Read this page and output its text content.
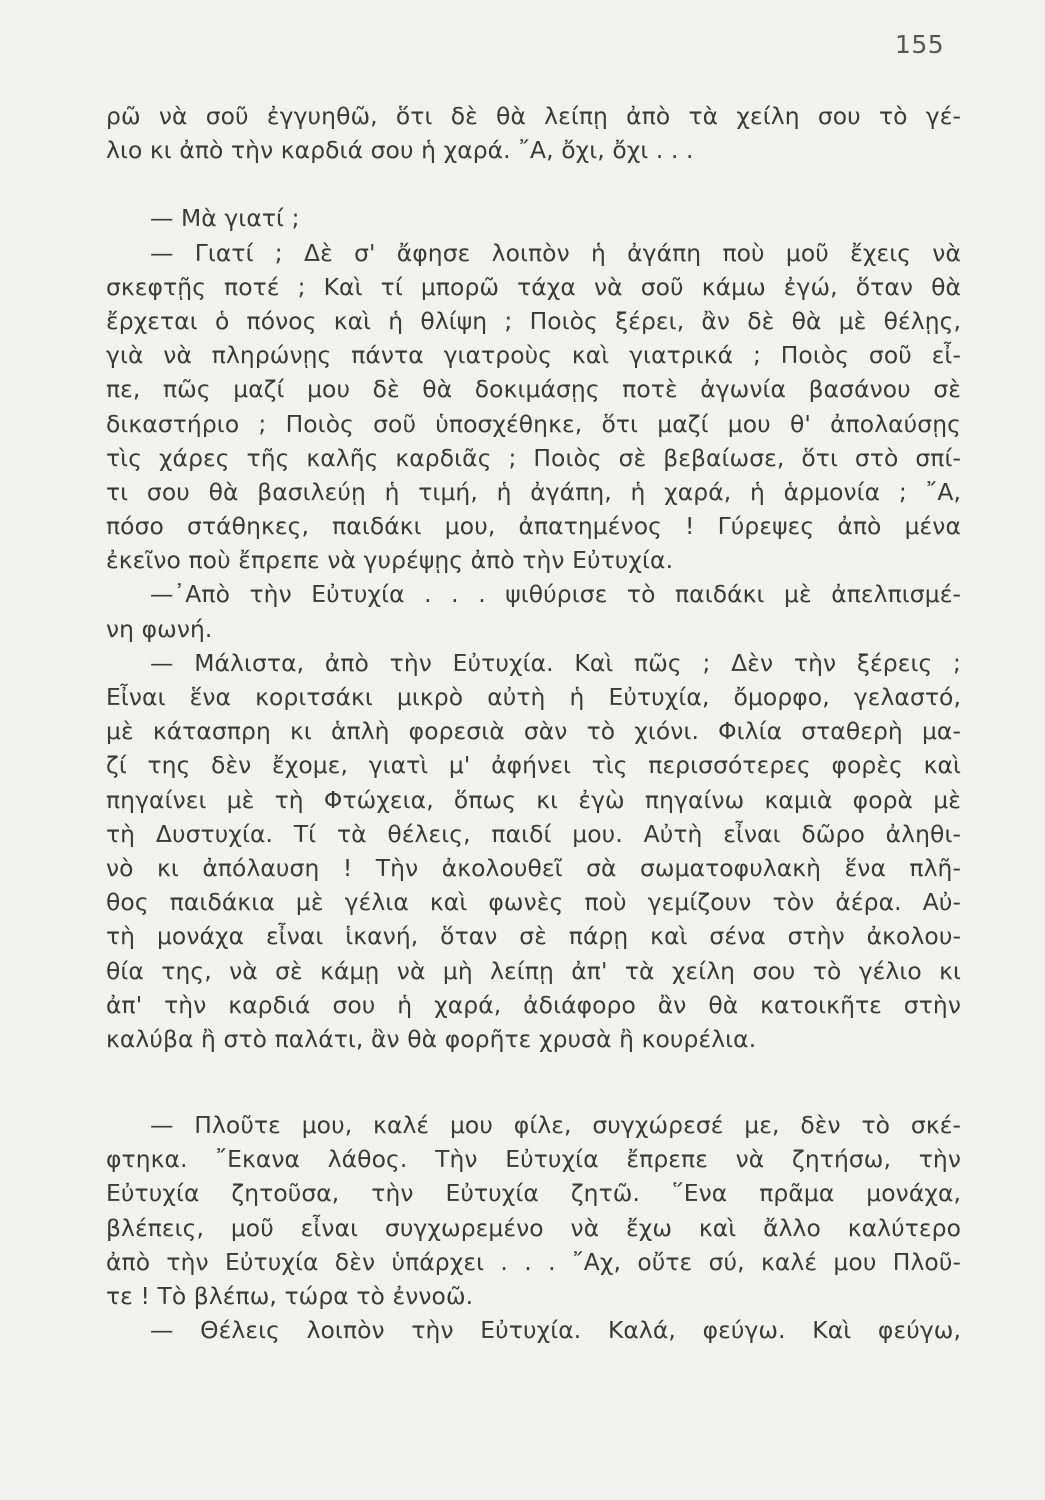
155
ρῶ νὰ σοῦ ἐγγυηθῶ, ὅτι δὲ θὰ λείπῃ ἀπὸ τὰ χείλη σου τὸ γέ-
λιο κι ἀπὸ τὴν καρδιά σου ἡ χαρά. ῎Α, ὄχι, ὄχι . . .
— Μὰ γιατί ;
— Γιατί ; Δὲ σ' ἄφησε λοιπὸν ἡ ἀγάπη ποὺ μοῦ ἔχεις νὰ
σκεφτῇς ποτέ ; Καὶ τί μπορῶ τάχα νὰ σοῦ κάμω ἐγώ, ὅταν θὰ
ἔρχεται ὁ πόνος καὶ ἡ θλίψη ; Ποιὸς ξέρει, ἂν δὲ θὰ μὲ θέλῃς,
γιὰ νὰ πληρώνῃς πάντα γιατροὺς καὶ γιατρικά ; Ποιὸς σοῦ εἶ-
πε, πῶς μαζί μου δὲ θὰ δοκιμάσῃς ποτὲ ἀγωνία βασάνου σὲ
δικαστήριο ; Ποιὸς σοῦ ὑποσχέθηκε, ὅτι μαζί μου θ' ἀπολαύσῃς
τὶς χάρες τῆς καλῆς καρδιᾶς ; Ποιὸς σὲ βεβαίωσε, ὅτι στὸ σπί-
τι σου θὰ βασιλεύῃ ἡ τιμή, ἡ ἀγάπη, ἡ χαρά, ἡ ἁρμονία ; ῎Α,
πόσο στάθηκες, παιδάκι μου, ἀπατημένος ! Γύρεψες ἀπὸ μένα
ἐκεῖνο ποὺ ἔπρεπε νὰ γυρέψῃς ἀπὸ τὴν Εὐτυχία.
—᾿Απὸ τὴν Εὐτυχία . . . ψιθύρισε τὸ παιδάκι μὲ ἀπελπισμέ-
νη φωνή.
— Μάλιστα, ἀπὸ τὴν Εὐτυχία. Καὶ πῶς ; Δὲν τὴν ξέρεις ;
Εἶναι ἕνα κοριτσάκι μικρὸ αὐτὴ ἡ Εὐτυχία, ὄμορφο, γελαστό,
μὲ κάτασπρη κι ἁπλὴ φορεσιὰ σὰν τὸ χιόνι. Φιλία σταθερὴ μα-
ζί της δὲν ἔχομε, γιατὶ μ' ἀφήνει τὶς περισσότερες φορὲς καὶ
πηγαίνει μὲ τὴ Φτώχεια, ὅπως κι ἐγὼ πηγαίνω καμιὰ φορὰ μὲ
τὴ Δυστυχία. Τί τὰ θέλεις, παιδί μου. Αὐτὴ εἶναι δῶρο ἀληθι-
νὸ κι ἀπόλαυση ! Τὴν ἀκολουθεῖ σὰ σωματοφυλακὴ ἕνα πλῆ-
θος παιδάκια μὲ γέλια καὶ φωνὲς ποὺ γεμίζουν τὸν ἀέρα. Αὐ-
τὴ μονάχα εἶναι ἱκανή, ὅταν σὲ πάρῃ καὶ σένα στὴν ἀκολου-
θία της, νὰ σὲ κάμῃ νὰ μὴ λείπῃ ἀπ' τὰ χείλη σου τὸ γέλιο κι
ἀπ' τὴν καρδιά σου ἡ χαρά, ἀδιάφορο ἂν θὰ κατοικῆτε στὴν
καλύβα ἢ στὸ παλάτι, ἂν θὰ φορῆτε χρυσὰ ἢ κουρέλια.
— Πλοῦτε μου, καλέ μου φίλε, συγχώρεσέ με, δὲν τὸ σκέ-
φτηκα. ῎Εκανα λάθος. Τὴν Εὐτυχία ἔπρεπε νὰ ζητήσω, τὴν
Εὐτυχία ζητοῦσα, τὴν Εὐτυχία ζητῶ. ῞Ενα πρᾶμα μονάχα,
βλέπεις, μοῦ εἶναι συγχωρεμένο νὰ ἔχω καὶ ἄλλο καλύτερο
ἀπὸ τὴν Εὐτυχία δὲν ὑπάρχει . . . ῎Αχ, οὔτε σύ, καλέ μου Πλοῦ-
τε ! Τὸ βλέπω, τώρα τὸ ἐννοῶ.
— Θέλεις λοιπὸν τὴν Εὐτυχία. Καλά, φεύγω. Καὶ φεύγω,
